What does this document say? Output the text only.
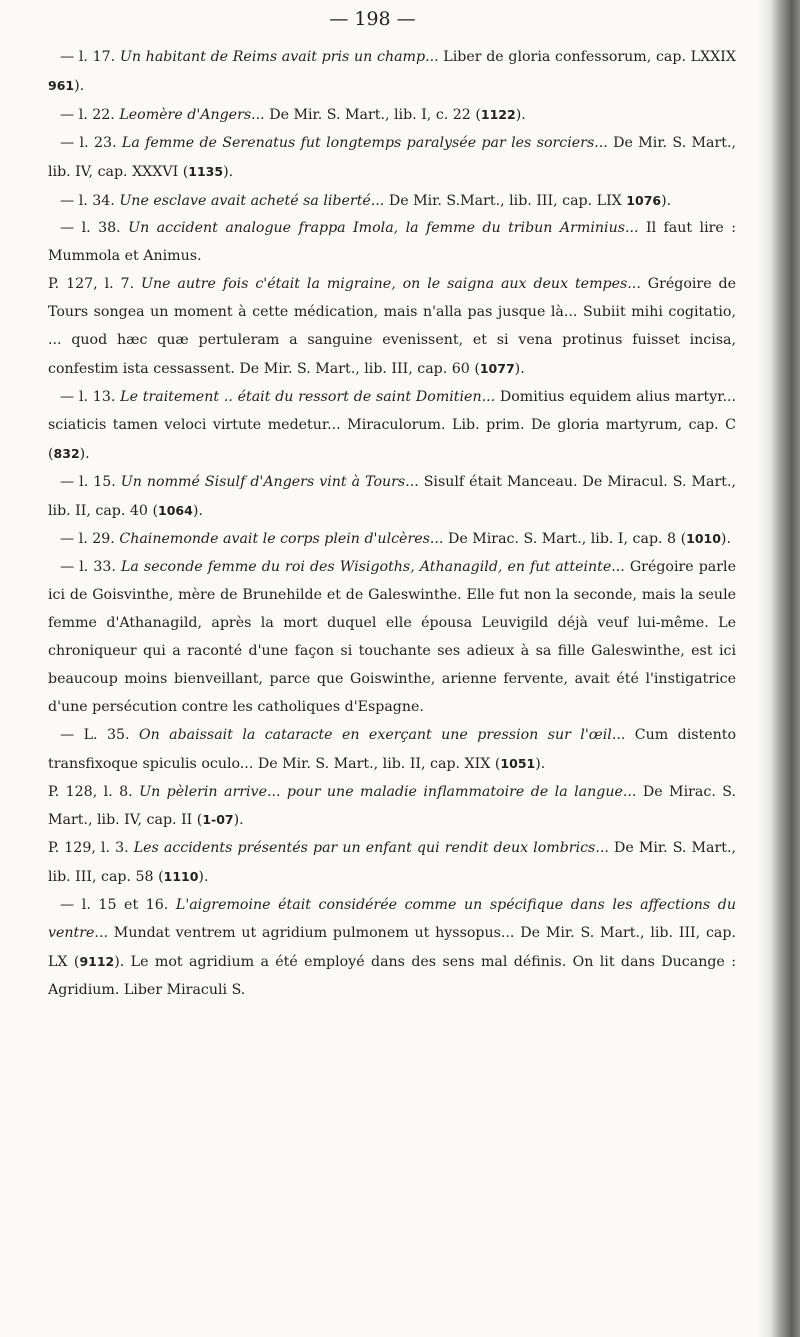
— 198 —

— l. 17. Un habitant de Reims avait pris un champ... Liber de gloria confessorum, cap. LXXIX 961).

— l. 22. Leomère d'Angers... De Mir. S. Mart., lib. I, c. 22 (1122).

— l. 23. La femme de Serenatus fut longtemps paralysée par les sorciers... De Mir. S. Mart., lib. IV, cap. XXXVI (1135).

— l. 34. Une esclave avait acheté sa liberté... De Mir. S.Mart., lib. III, cap. LIX 1076).

— l. 38. Un accident analogue frappa Imola, la femme du tribun Arminius... Il faut lire : Mummola et Animus.

P. 127, l. 7. Une autre fois c'était la migraine, on le saigna aux deux tempes... Grégoire de Tours songea un moment à cette médication, mais n'alla pas jusque là... Subiit mihi cogitatio, ... quod hæc quæ pertuleram a sanguine evenissent, et si vena protinus fuisset incisa, confestim ista cessassent. De Mir. S. Mart., lib. III, cap. 60 (1077).

— l. 13. Le traitement .. était du ressort de saint Domitien... Domitius equidem alius martyr... sciaticis tamen veloci virtute medetur... Miraculorum. Lib. prim. De gloria martyrum, cap. C (832).

— l. 15. Un nommé Sisulf d'Angers vint à Tours... Sisulf était Manceau. De Miracul. S. Mart., lib. II, cap. 40 (1064).

— l. 29. Chainemonde avait le corps plein d'ulcères... De Mirac. S. Mart., lib. I, cap. 8 (1010).

— l. 33. La seconde femme du roi des Wisigoths, Athanagild, en fut atteinte... Grégoire parle ici de Goisvinthe, mère de Brunehilde et de Galeswinthe. Elle fut non la seconde, mais la seule femme d'Athanagild, après la mort duquel elle épousa Leuvigild déjà veuf lui-même. Le chroniqueur qui a raconté d'une façon si touchante ses adieux à sa fille Galeswinthe, est ici beaucoup moins bienveillant, parce que Goiswinthe, arienne fervente, avait été l'instigatrice d'une persécution contre les catholiques d'Espagne.

— L. 35. On abaissait la cataracte en exerçant une pression sur l'œil... Cum distento transfixoque spiculis oculo... De Mir. S. Mart., lib. II, cap. XIX (1051).

P. 128, l. 8. Un pèlerin arrive... pour une maladie inflammatoire de la langue... De Mirac. S. Mart., lib. IV, cap. II (1-07).

P. 129, l. 3. Les accidents présentés par un enfant qui rendit deux lombrics... De Mir. S. Mart., lib. III, cap. 58 (1110).

— l. 15 et 16. L'aigremoine était considérée comme un spécifique dans les affections du ventre... Mundat ventrem ut agridium pulmonem ut hyssopus... De Mir. S. Mart., lib. III, cap. LX (9112). Le mot agridium a été employé dans des sens mal définis. On lit dans Ducange : Agridium. Liber Miraculi S.
